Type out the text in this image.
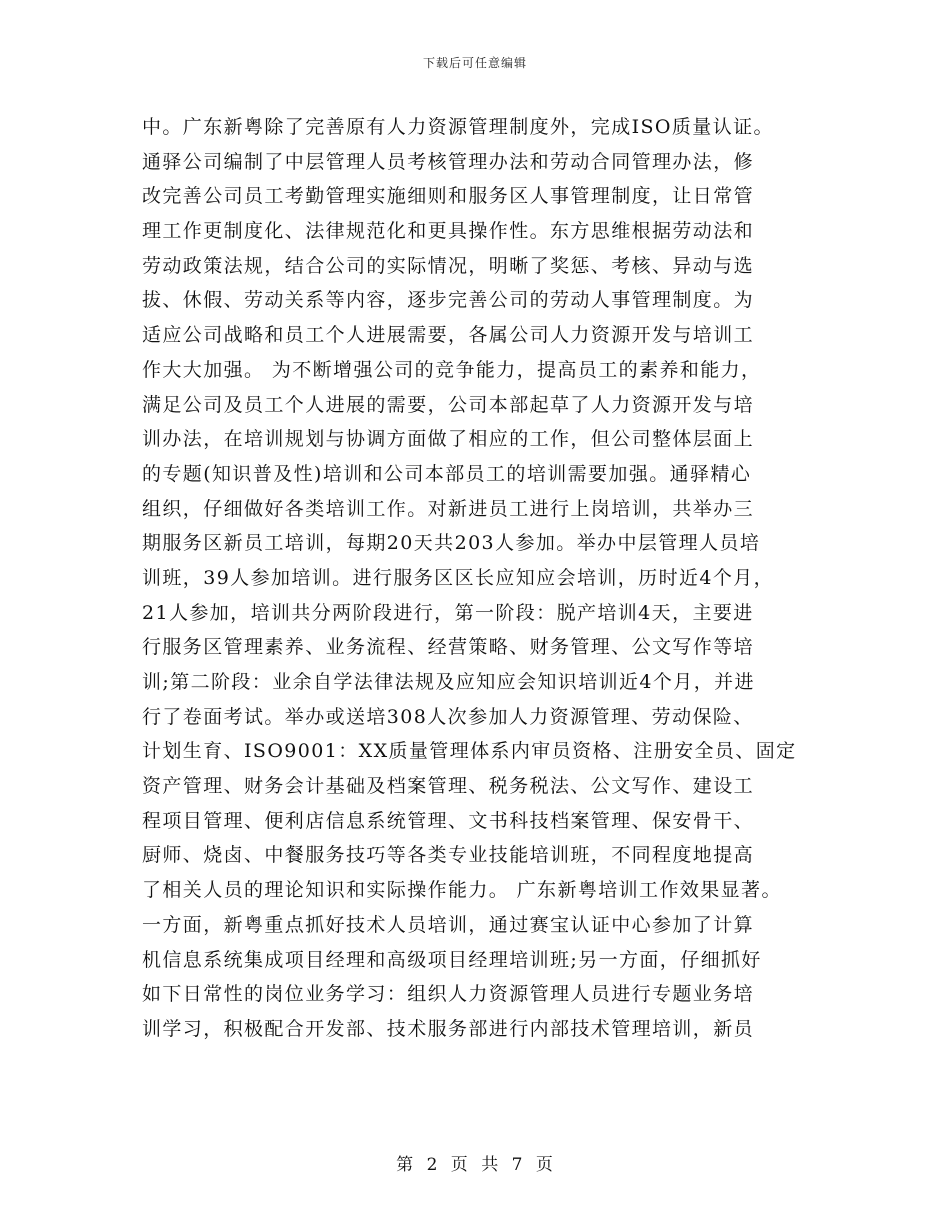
下载后可任意编辑
中。广东新粤除了完善原有人力资源管理制度外，完成ISO质量认证。
通驿公司编制了中层管理人员考核管理办法和劳动合同管理办法，修
改完善公司员工考勤管理实施细则和服务区人事管理制度，让日常管
理工作更制度化、法律规范化和更具操作性。东方思维根据劳动法和
劳动政策法规，结合公司的实际情况，明晰了奖惩、考核、异动与选
拔、休假、劳动关系等内容，逐步完善公司的劳动人事管理制度。为
适应公司战略和员工个人进展需要，各属公司人力资源开发与培训工
作大大加强。 为不断增强公司的竞争能力，提高员工的素养和能力，
满足公司及员工个人进展的需要，公司本部起草了人力资源开发与培
训办法，在培训规划与协调方面做了相应的工作，但公司整体层面上
的专题(知识普及性)培训和公司本部员工的培训需要加强。通驿精心
组织，仔细做好各类培训工作。对新进员工进行上岗培训，共举办三
期服务区新员工培训，每期20天共203人参加。举办中层管理人员培
训班，39人参加培训。进行服务区区长应知应会培训，历时近4个月，
21人参加，培训共分两阶段进行，第一阶段：脱产培训4天，主要进
行服务区管理素养、业务流程、经营策略、财务管理、公文写作等培
训;第二阶段：业余自学法律法规及应知应会知识培训近4个月，并进
行了卷面考试。举办或送培308人次参加人力资源管理、劳动保险、
计划生育、ISO9001：XX质量管理体系内审员资格、注册安全员、固定
资产管理、财务会计基础及档案管理、税务税法、公文写作、建设工
程项目管理、便利店信息系统管理、文书科技档案管理、保安骨干、
厨师、烧卤、中餐服务技巧等各类专业技能培训班，不同程度地提高
了相关人员的理论知识和实际操作能力。 广东新粤培训工作效果显著。
一方面，新粤重点抓好技术人员培训，通过赛宝认证中心参加了计算
机信息系统集成项目经理和高级项目经理培训班;另一方面，仔细抓好
如下日常性的岗位业务学习：组织人力资源管理人员进行专题业务培
训学习，积极配合开发部、技术服务部进行内部技术管理培训，新员
第 2 页 共 7 页
